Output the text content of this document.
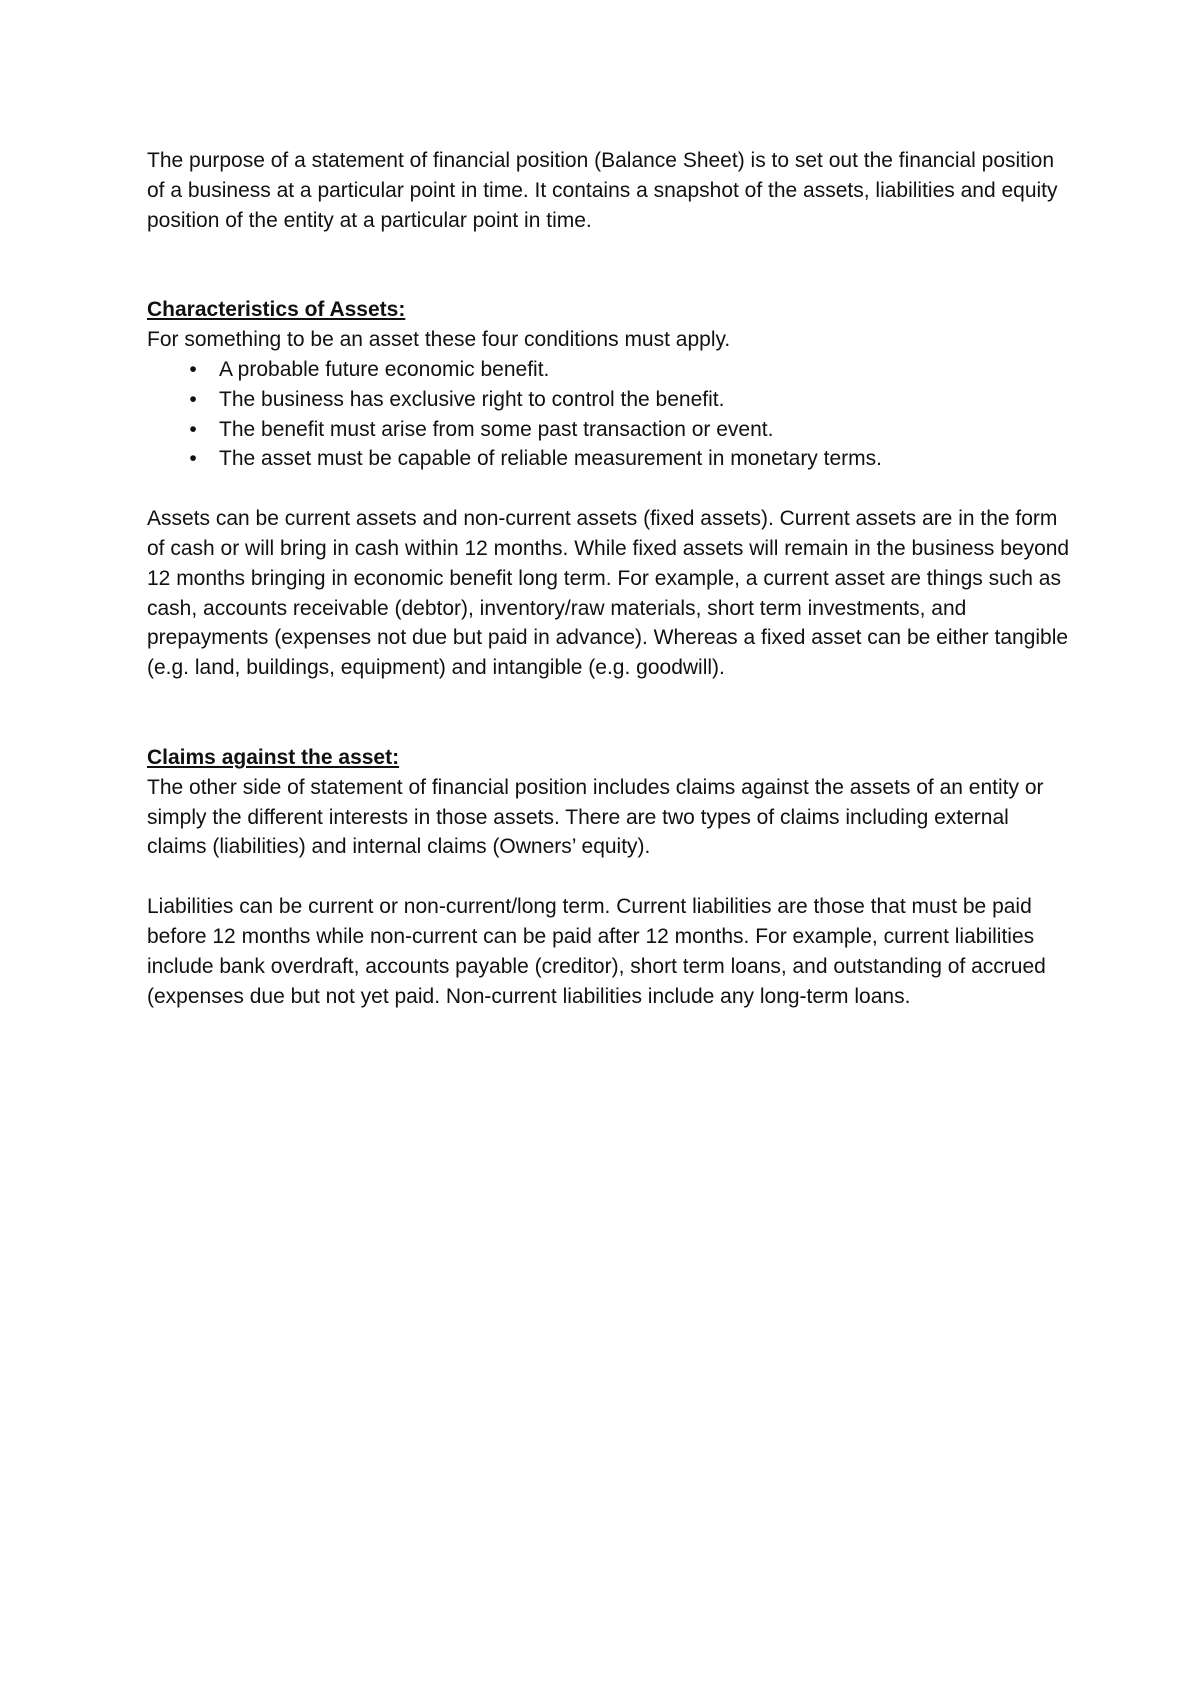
The purpose of a statement of financial position (Balance Sheet) is to set out the financial position of a business at a particular point in time. It contains a snapshot of the assets, liabilities and equity position of the entity at a particular point in time.

Characteristics of Assets:

For something to be an asset these four conditions must apply.

•	A probable future economic benefit.
•	The business has exclusive right to control the benefit.
•	The benefit must arise from some past transaction or event.
•	The asset must be capable of reliable measurement in monetary terms.

Assets can be current assets and non-current assets (fixed assets). Current assets are in the form of cash or will bring in cash within 12 months. While fixed assets will remain in the business beyond 12 months bringing in economic benefit long term. For example, a current asset are things such as cash, accounts receivable (debtor), inventory/raw materials, short term investments, and prepayments (expenses not due but paid in advance). Whereas a fixed asset can be either tangible (e.g. land, buildings, equipment) and intangible (e.g. goodwill).

Claims against the asset:

The other side of statement of financial position includes claims against the assets of an entity or simply the different interests in those assets. There are two types of claims including external claims (liabilities) and internal claims (Owners’ equity).

Liabilities can be current or non-current/long term. Current liabilities are those that must be paid before 12 months while non-current can be paid after 12 months. For example, current liabilities include bank overdraft, accounts payable (creditor), short term loans, and outstanding of accrued (expenses due but not yet paid. Non-current liabilities include any long-term loans.
